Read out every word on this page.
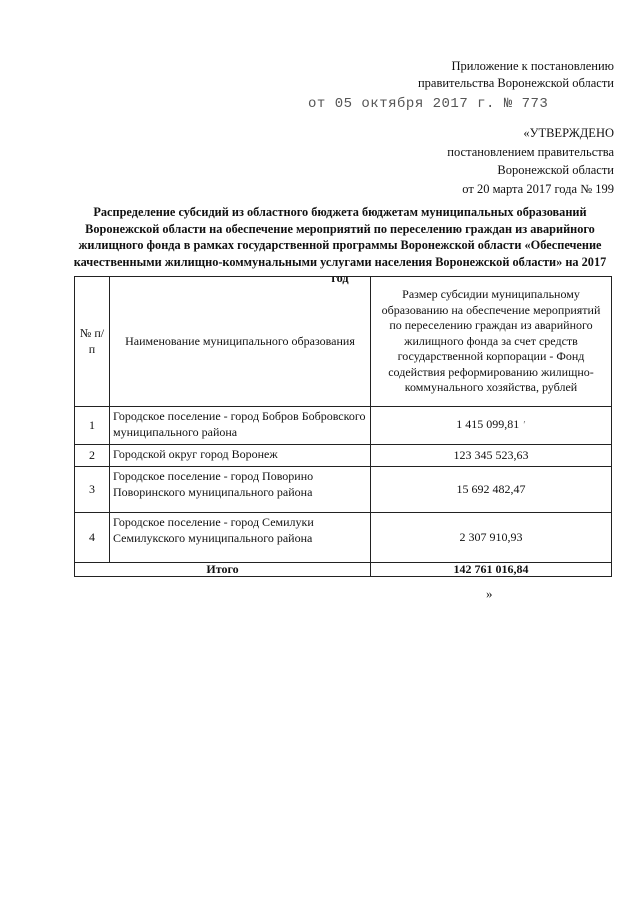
Приложение к постановлению
правительства Воронежской области
от 05 октября 2017 г. № 773
«УТВЕРЖДЕНО
постановлением правительства
Воронежской области
от 20 марта 2017 года № 199
Распределение субсидий из областного бюджета бюджетам муниципальных образований Воронежской области на обеспечение мероприятий по переселению граждан из аварийного жилищного фонда в рамках государственной программы Воронежской области «Обеспечение качественными жилищно-коммунальными услугами населения Воронежской области» на 2017 год
№ п/п	Наименование муниципального образования	Размер субсидии муниципальному образованию на обеспечение мероприятий по переселению граждан из аварийного жилищного фонда за счет средств государственной корпорации - Фонд содействия реформированию жилищно-коммунального хозяйства, рублей
1	Городское поселение - город Бобров Бобровского муниципального района	1 415 099,81 ʹ
2	Городской округ город Воронеж	123 345 523,63
3	Городское поселение - город Поворино Поворинского муниципального района	15 692 482,47
4	Городское поселение - город Семилуки Семилукского муниципального района	2 307 910,93
Итого		142 761 016,84
»
